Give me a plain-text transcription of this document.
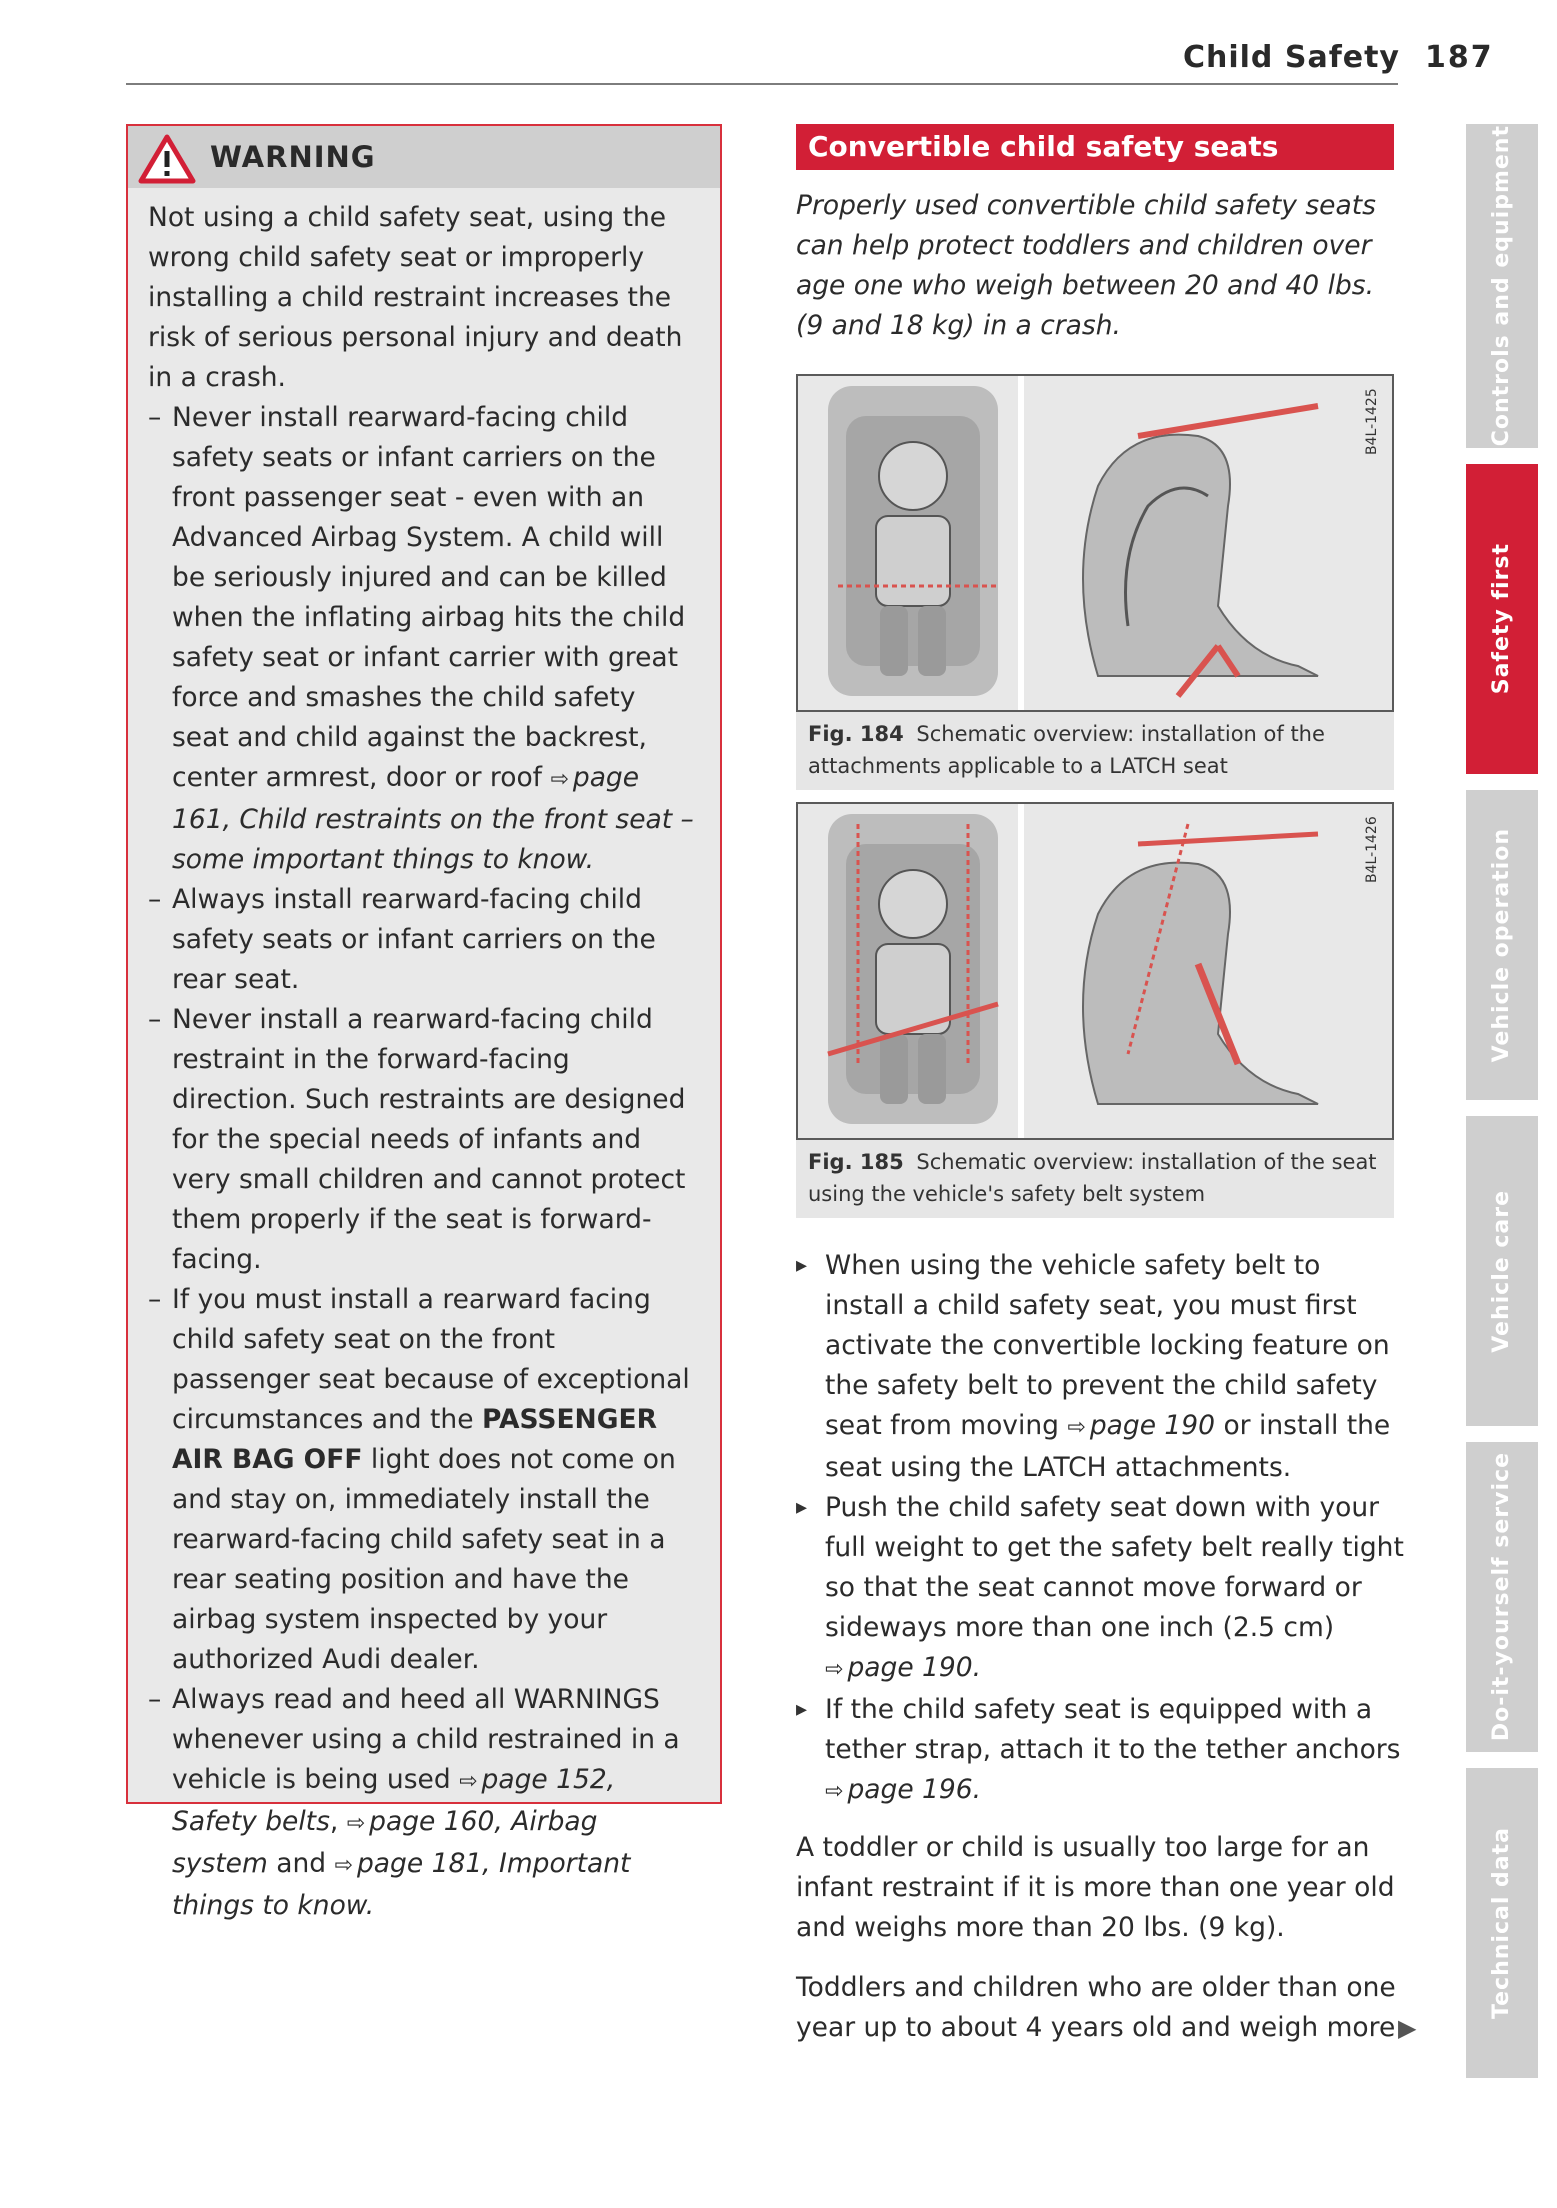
Child Safety 187
WARNING

Not using a child safety seat, using the wrong child safety seat or improperly installing a child restraint increases the risk of serious personal injury and death in a crash.

– Never install rearward-facing child safety seats or infant carriers on the front passenger seat - even with an Advanced Airbag System. A child will be seriously injured and can be killed when the inflating airbag hits the child safety seat or infant carrier with great force and smashes the child safety seat and child against the backrest, center armrest, door or roof ⇨ page 161, Child restraints on the front seat – some important things to know.
– Always install rearward-facing child safety seats or infant carriers on the rear seat.
– Never install a rearward-facing child restraint in the forward-facing direction. Such restraints are designed for the special needs of infants and very small children and cannot protect them properly if the seat is forward-facing.
– If you must install a rearward facing child safety seat on the front passenger seat because of exceptional circumstances and the PASSENGER AIR BAG OFF light does not come on and stay on, immediately install the rearward-facing child safety seat in a rear seating position and have the airbag system inspected by your authorized Audi dealer.
– Always read and heed all WARNINGS whenever using a child restrained in a vehicle is being used ⇨ page 152, Safety belts, ⇨ page 160, Airbag system and ⇨ page 181, Important things to know.
Convertible child safety seats

Properly used convertible child safety seats can help protect toddlers and children over age one who weigh between 20 and 40 lbs. (9 and 18 kg) in a crash.

B4L-1425
Fig. 184 Schematic overview: installation of the attachments applicable to a LATCH seat
B4L-1426
Fig. 185 Schematic overview: installation of the seat using the vehicle's safety belt system
▸ When using the vehicle safety belt to install a child safety seat, you must first activate the convertible locking feature on the safety belt to prevent the child safety seat from moving ⇨ page 190 or install the seat using the LATCH attachments.
▸ Push the child safety seat down with your full weight to get the safety belt really tight so that the seat cannot move forward or sideways more than one inch (2.5 cm) ⇨ page 190.
▸ If the child safety seat is equipped with a tether strap, attach it to the tether anchors ⇨ page 196.

A toddler or child is usually too large for an infant restraint if it is more than one year old and weighs more than 20 lbs. (9 kg).

Toddlers and children who are older than one year up to about 4 years old and weigh more ▶
Controls and equipment
Safety first
Vehicle operation
Vehicle care
Do-it-yourself service
Technical data
